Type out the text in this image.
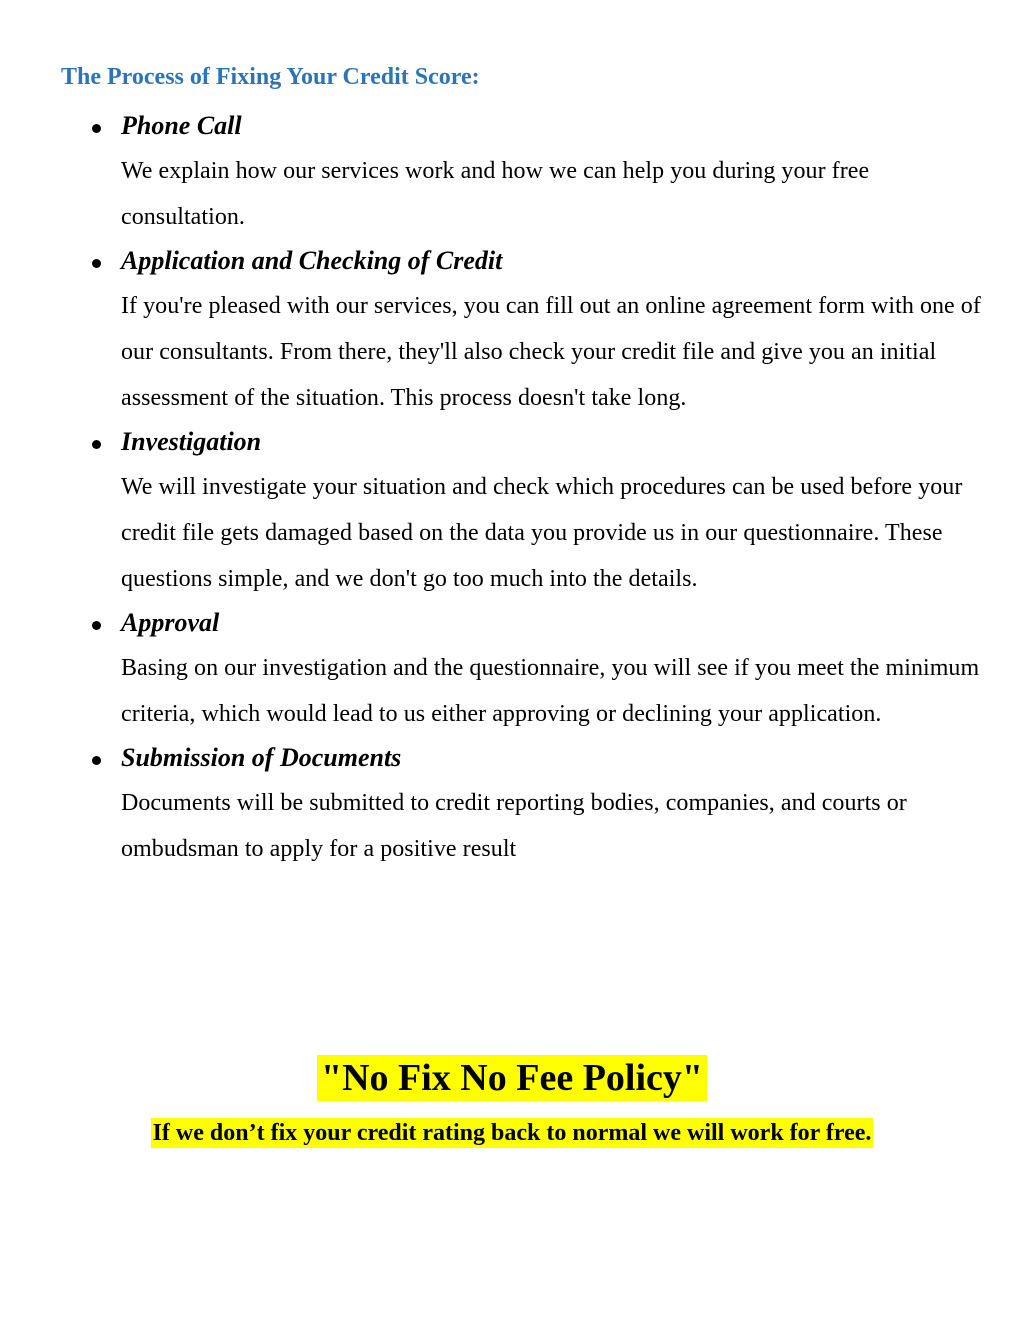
The Process of Fixing Your Credit Score:
Phone Call

We explain how our services work and how we can help you during your free consultation.

Application and Checking of Credit

If you're pleased with our services, you can fill out an online agreement form with one of our consultants. From there, they'll also check your credit file and give you an initial assessment of the situation. This process doesn't take long.

Investigation

We will investigate your situation and check which procedures can be used before your credit file gets damaged based on the data you provide us in our questionnaire. These questions simple, and we don't go too much into the details.

Approval

Basing on our investigation and the questionnaire, you will see if you meet the minimum criteria, which would lead to us either approving or declining your application.

Submission of Documents

Documents will be submitted to credit reporting bodies, companies, and courts or ombudsman to apply for a positive result

"No Fix No Fee Policy"
If we don’t fix your credit rating back to normal we will work for free.
